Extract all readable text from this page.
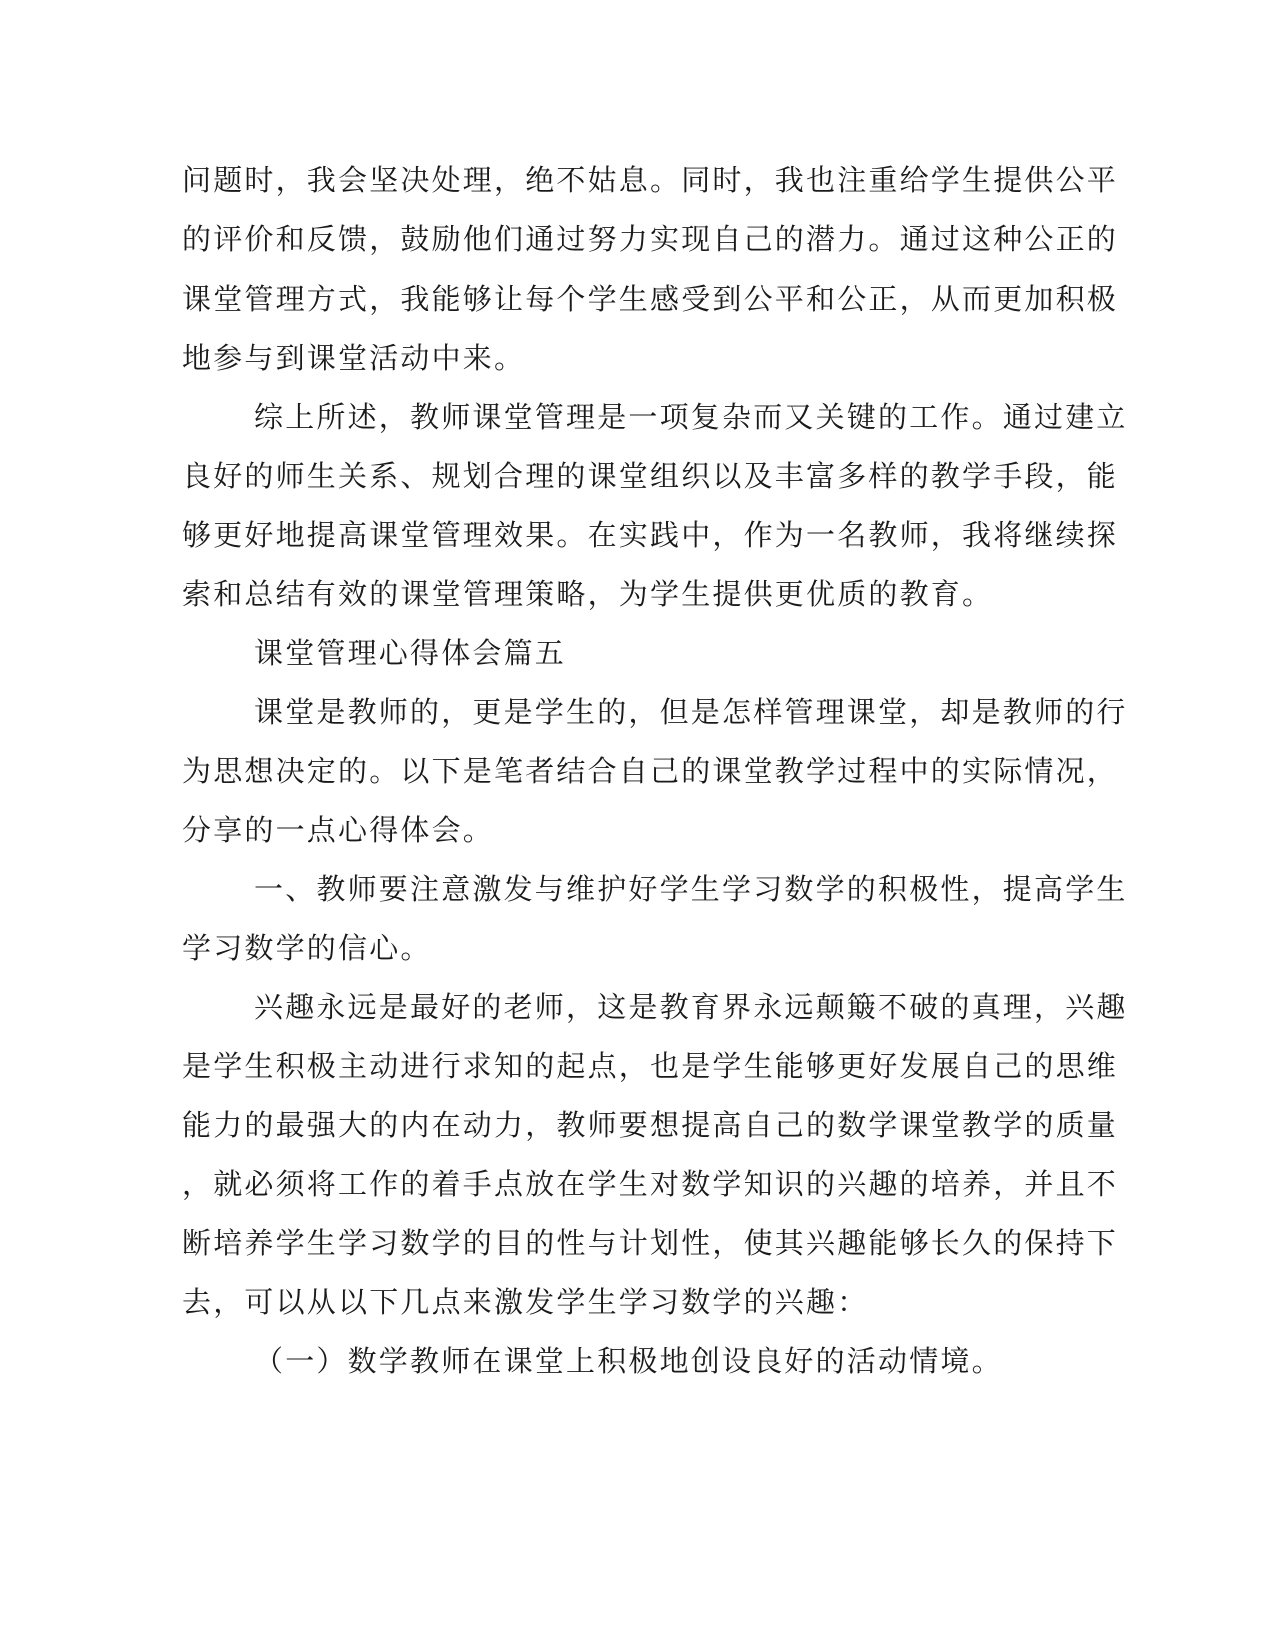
问题时，我会坚决处理，绝不姑息。同时，我也注重给学生提供公平

的评价和反馈，鼓励他们通过努力实现自己的潜力。通过这种公正的

课堂管理方式，我能够让每个学生感受到公平和公正，从而更加积极

地参与到课堂活动中来。

综上所述，教师课堂管理是一项复杂而又关键的工作。通过建立

良好的师生关系、规划合理的课堂组织以及丰富多样的教学手段，能

够更好地提高课堂管理效果。在实践中，作为一名教师，我将继续探

索和总结有效的课堂管理策略，为学生提供更优质的教育。

课堂管理心得体会篇五

课堂是教师的，更是学生的，但是怎样管理课堂，却是教师的行

为思想决定的。以下是笔者结合自己的课堂教学过程中的实际情况，

分享的一点心得体会。

一、教师要注意激发与维护好学生学习数学的积极性，提高学生

学习数学的信心。

兴趣永远是最好的老师，这是教育界永远颠簸不破的真理，兴趣

是学生积极主动进行求知的起点，也是学生能够更好发展自己的思维

能力的最强大的内在动力，教师要想提高自己的数学课堂教学的质量

，就必须将工作的着手点放在学生对数学知识的兴趣的培养，并且不

断培养学生学习数学的目的性与计划性，使其兴趣能够长久的保持下

去，可以从以下几点来激发学生学习数学的兴趣：

（一）数学教师在课堂上积极地创设良好的活动情境。
